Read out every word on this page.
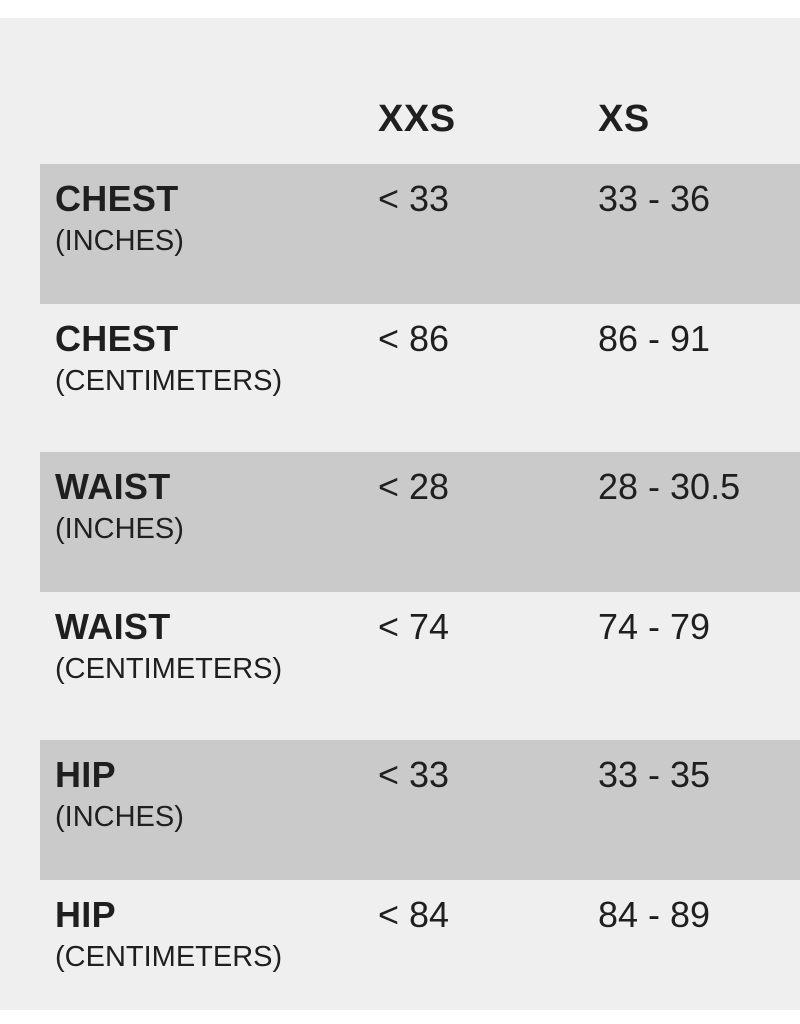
XXS	XS
CHEST
(INCHES)
< 33	33 - 36
CHEST
(CENTIMETERS)
< 86	86 - 91
WAIST
(INCHES)
< 28	28 - 30.5
WAIST
(CENTIMETERS)
< 74	74 - 79
HIP
(INCHES)
< 33	33 - 35
HIP
(CENTIMETERS)
< 84	84 - 89
